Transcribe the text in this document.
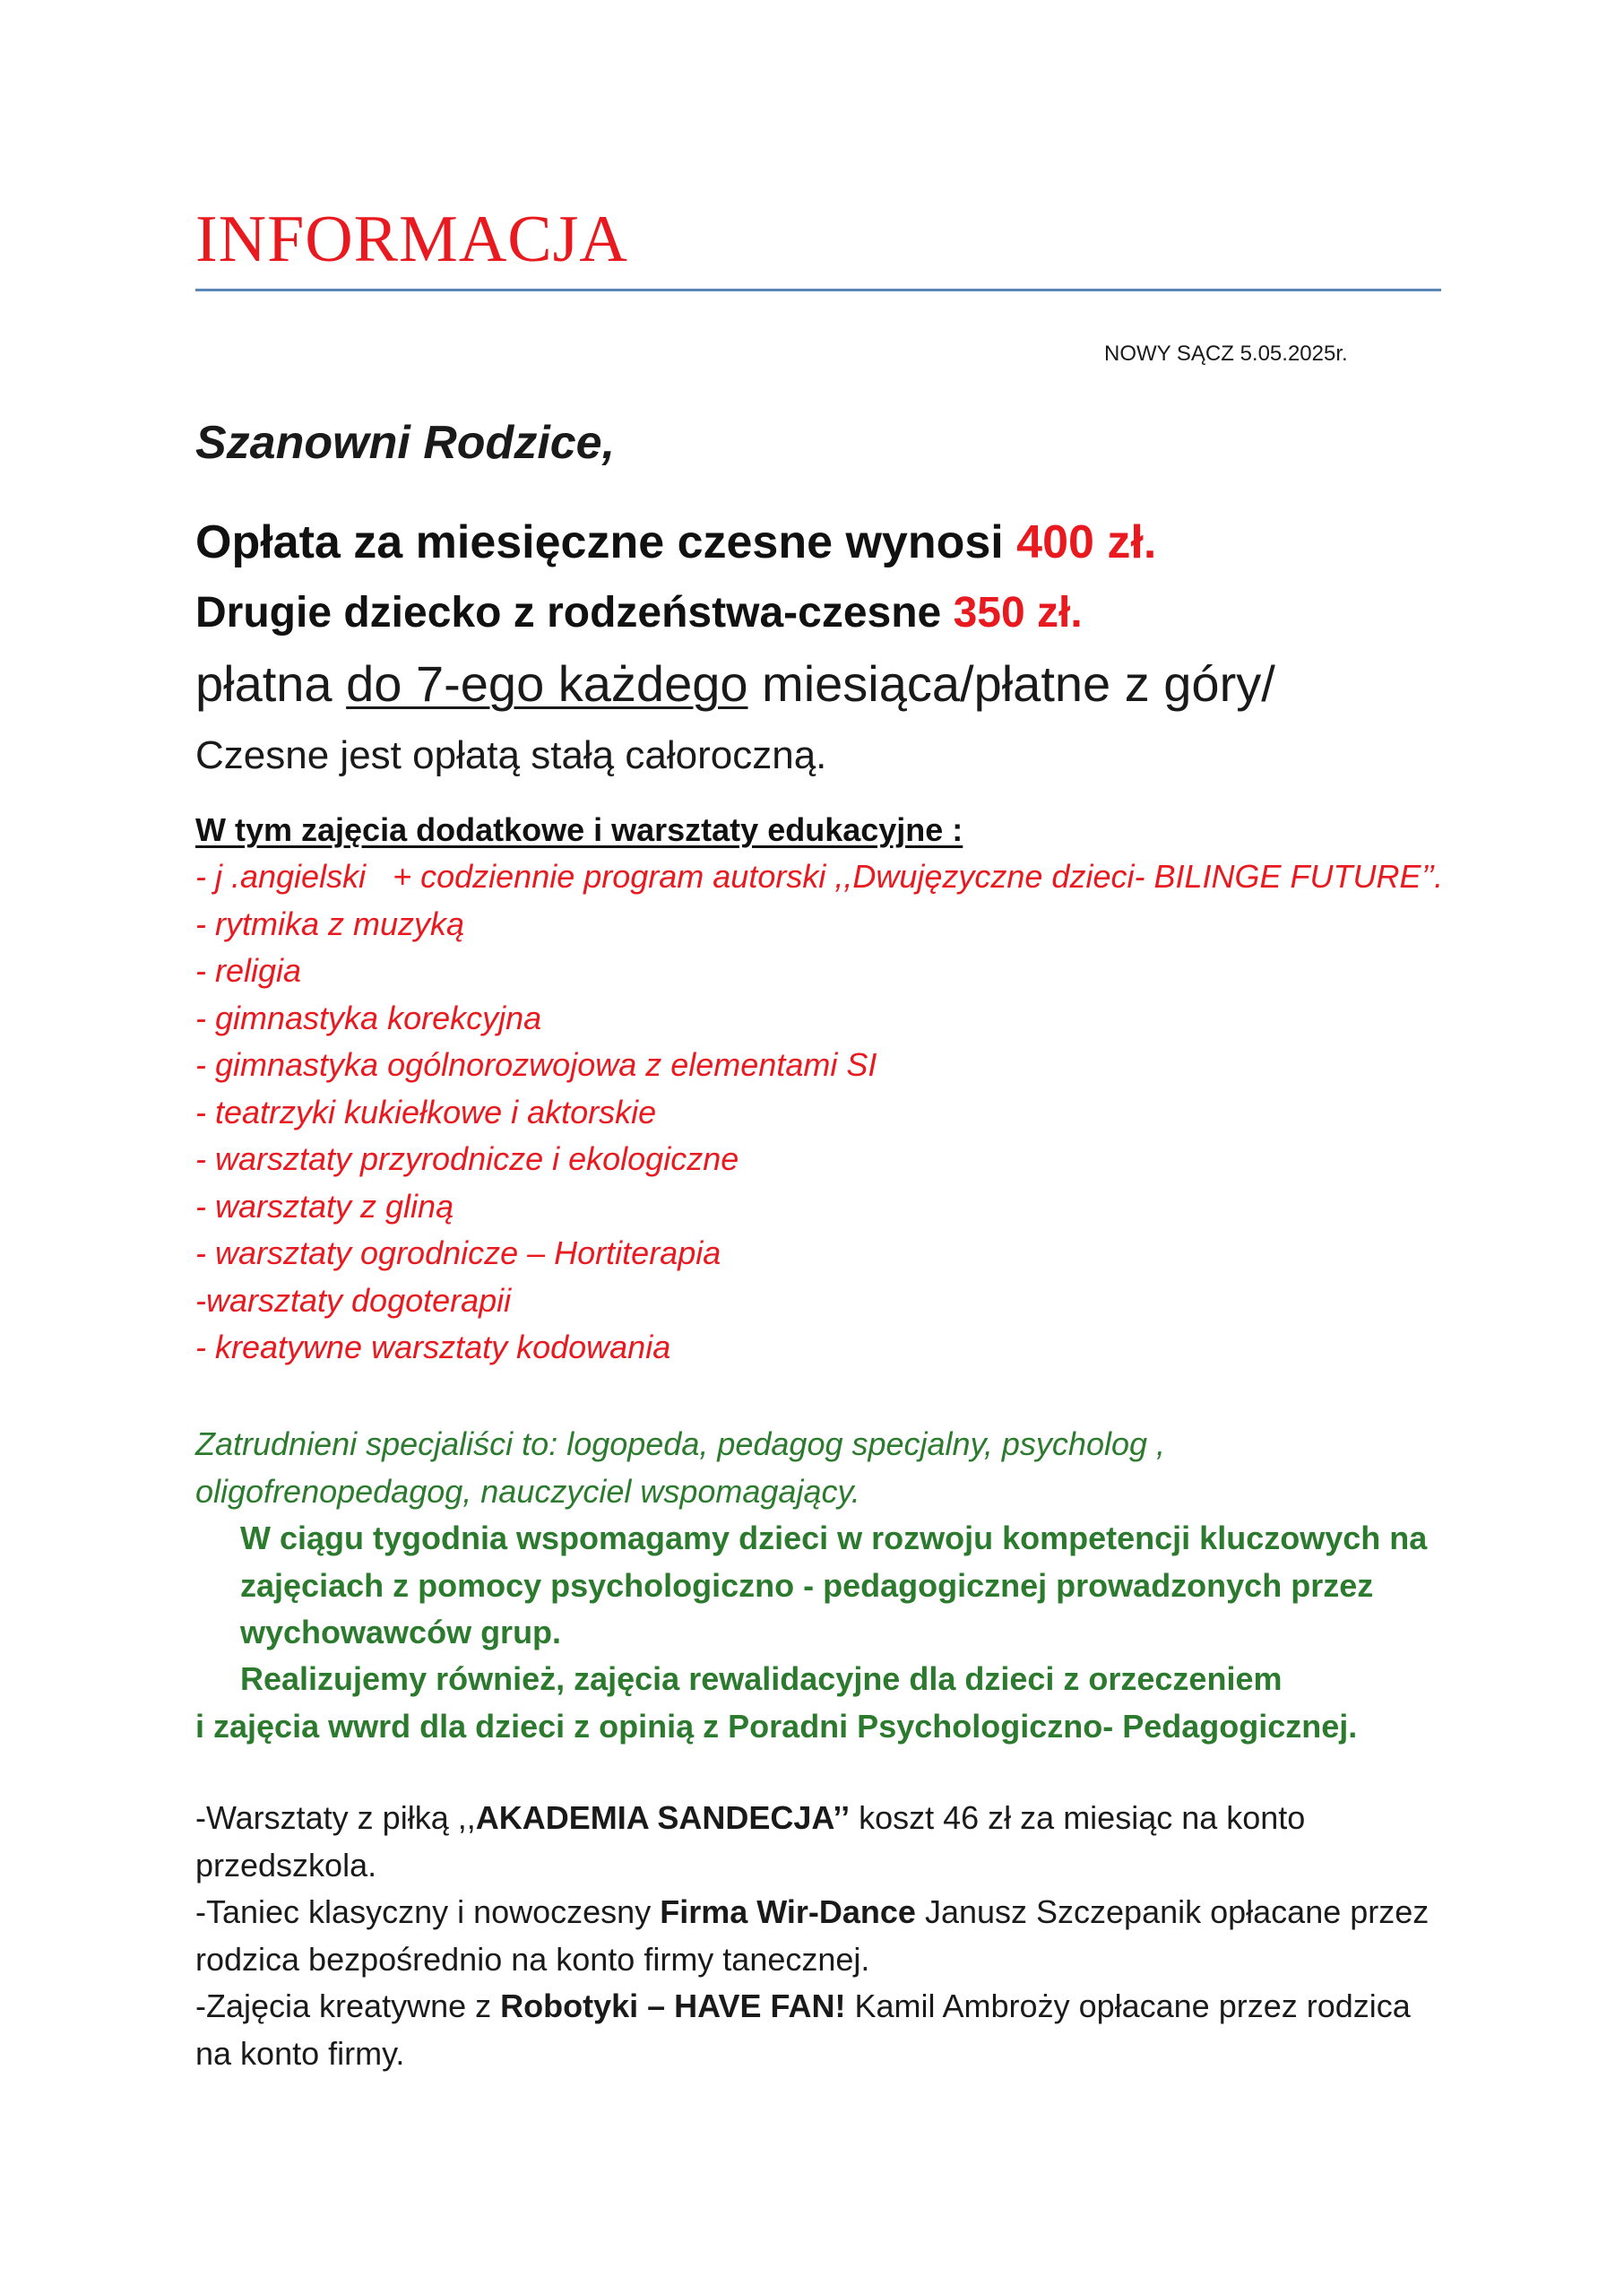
INFORMACJA
NOWY SĄCZ 5.05.2025r.
Szanowni Rodzice,
Opłata za miesięczne czesne wynosi 400 zł.
Drugie dziecko z rodzeństwa-czesne 350 zł.
płatna do 7-ego każdego miesiąca/płatne z góry/
Czesne jest opłatą stałą całoroczną.
W tym zajęcia dodatkowe i warsztaty edukacyjne :
- j .angielski   + codziennie program autorski ,,Dwujęzyczne dzieci- BILINGE FUTURE’’.
- rytmika z muzyką
- religia
- gimnastyka korekcyjna
- gimnastyka ogólnorozwojowa z elementami SI
- teatrzyki kukiełkowe i aktorskie
- warsztaty przyrodnicze i ekologiczne
- warsztaty z gliną
- warsztaty ogrodnicze – Hortiterapia
-warsztaty dogoterapii
- kreatywne warsztaty kodowania
Zatrudnieni specjaliści to: logopeda, pedagog specjalny, psycholog , oligofrenopedagog, nauczyciel wspomagający.
W ciągu tygodnia wspomagamy dzieci w rozwoju kompetencji kluczowych na zajęciach z pomocy psychologiczno - pedagogicznej prowadzonych przez wychowawców grup.
Realizujemy również, zajęcia rewalidacyjne dla dzieci z orzeczeniem
i zajęcia wwrd dla dzieci z opinią z Poradni Psychologiczno- Pedagogicznej.

-Warsztaty z piłką ,,AKADEMIA SANDECJA’’ koszt 46 zł za miesiąc na konto przedszkola.

-Taniec klasyczny i nowoczesny Firma Wir-Dance Janusz Szczepanik opłacane przez rodzica bezpośrednio na konto firmy tanecznej.

-Zajęcia kreatywne z Robotyki – HAVE FAN! Kamil Ambroży opłacane przez rodzica na konto firmy.
